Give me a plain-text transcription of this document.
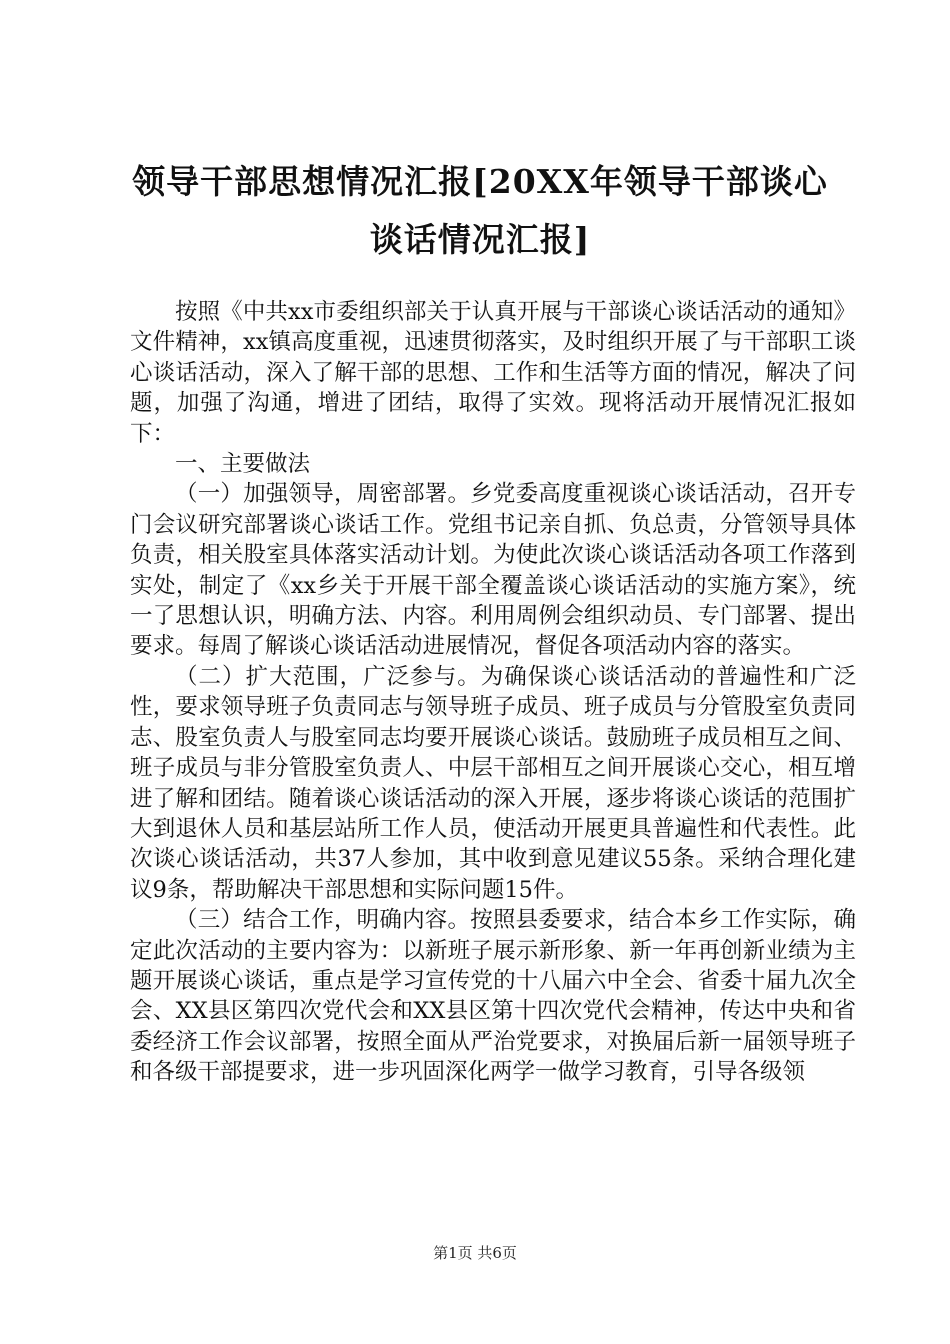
领导干部思想情况汇报[20XX年领导干部谈心
谈话情况汇报]

按照《中共xx市委组织部关于认真开展与干部谈心谈话活动的通知》文件精神，xx镇高度重视，迅速贯彻落实，及时组织开展了与干部职工谈心谈话活动，深入了解干部的思想、工作和生活等方面的情况，解决了问题，加强了沟通，增进了团结，取得了实效。现将活动开展情况汇报如下：

一、主要做法

（一）加强领导，周密部署。乡党委高度重视谈心谈话活动，召开专门会议研究部署谈心谈话工作。党组书记亲自抓、负总责，分管领导具体负责，相关股室具体落实活动计划。为使此次谈心谈话活动各项工作落到实处，制定了《xx乡关于开展干部全覆盖谈心谈话活动的实施方案》，统一了思想认识，明确方法、内容。利用周例会组织动员、专门部署、提出要求。每周了解谈心谈话活动进展情况，督促各项活动内容的落实。

（二）扩大范围，广泛参与。为确保谈心谈话活动的普遍性和广泛性，要求领导班子负责同志与领导班子成员、班子成员与分管股室负责同志、股室负责人与股室同志均要开展谈心谈话。鼓励班子成员相互之间、班子成员与非分管股室负责人、中层干部相互之间开展谈心交心，相互增进了解和团结。随着谈心谈话活动的深入开展，逐步将谈心谈话的范围扩大到退休人员和基层站所工作人员，使活动开展更具普遍性和代表性。此次谈心谈话活动，共37人参加，其中收到意见建议55条。采纳合理化建议9条，帮助解决干部思想和实际问题15件。

（三）结合工作，明确内容。按照县委要求，结合本乡工作实际，确定此次活动的主要内容为：以新班子展示新形象、新一年再创新业绩为主题开展谈心谈话，重点是学习宣传党的十八届六中全会、省委十届九次全会、XX县区第四次党代会和XX县区第十四次党代会精神，传达中央和省委经济工作会议部署，按照全面从严治党要求，对换届后新一届领导班子和各级干部提要求，进一步巩固深化两学一做学习教育，引导各级领

第1页 共6页
